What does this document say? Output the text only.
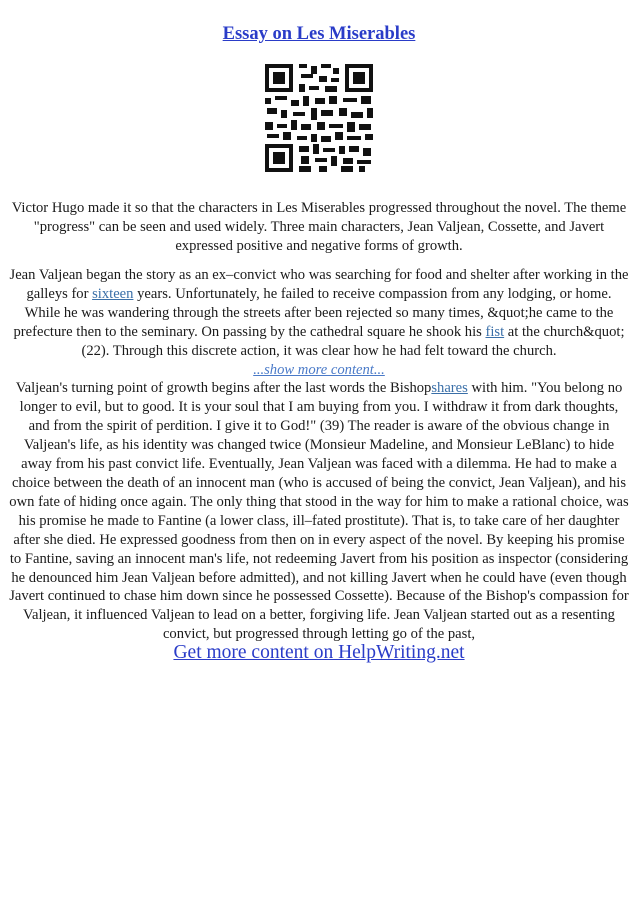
Essay on Les Miserables
Victor Hugo made it so that the characters in Les Miserables progressed throughout the novel. The theme "progress" can be seen and used widely. Three main characters, Jean Valjean, Cossette, and Javert expressed positive and negative forms of growth.
Jean Valjean began the story as an ex–convict who was searching for food and shelter after working in the galleys for sixteen years. Unfortunately, he failed to receive compassion from any lodging, or home. While he was wandering through the streets after been rejected so many times, &quot;he came to the prefecture then to the seminary. On passing by the cathedral square he shook his fist at the church&quot; (22). Through this discrete action, it was clear how he had felt toward the church.
...show more content...
Valjean's turning point of growth begins after the last words the Bishopshares with him. "You belong no longer to evil, but to good. It is your soul that I am buying from you. I withdraw it from dark thoughts, and from the spirit of perdition. I give it to God!" (39) The reader is aware of the obvious change in Valjean's life, as his identity was changed twice (Monsieur Madeline, and Monsieur LeBlanc) to hide away from his past convict life. Eventually, Jean Valjean was faced with a dilemma. He had to make a choice between the death of an innocent man (who is accused of being the convict, Jean Valjean), and his own fate of hiding once again. The only thing that stood in the way for him to make a rational choice, was his promise he made to Fantine (a lower class, ill–fated prostitute). That is, to take care of her daughter after she died. He expressed goodness from then on in every aspect of the novel. By keeping his promise to Fantine, saving an innocent man's life, not redeeming Javert from his position as inspector (considering he denounced him Jean Valjean before admitted), and not killing Javert when he could have (even though Javert continued to chase him down since he possessed Cossette). Because of the Bishop's compassion for Valjean, it influenced Valjean to lead on a better, forgiving life. Jean Valjean started out as a resenting convict, but progressed through letting go of the past,
Get more content on HelpWriting.net
